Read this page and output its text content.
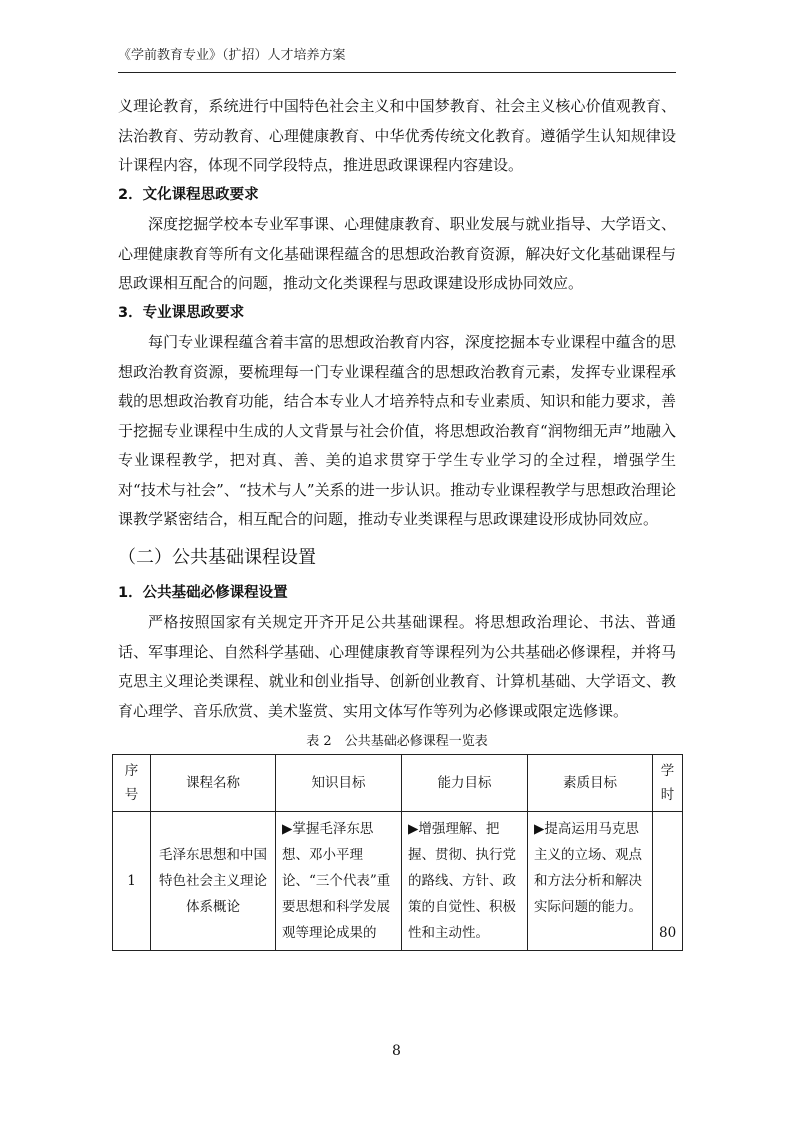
《学前教育专业》（扩招）人才培养方案

义理论教育，系统进行中国特色社会主义和中国梦教育、社会主义核心价值观教育、法治教育、劳动教育、心理健康教育、中华优秀传统文化教育。遵循学生认知规律设计课程内容，体现不同学段特点，推进思政课课程内容建设。

2．文化课程思政要求

深度挖掘学校本专业军事课、心理健康教育、职业发展与就业指导、大学语文、心理健康教育等所有文化基础课程蕴含的思想政治教育资源，解决好文化基础课程与思政课相互配合的问题，推动文化类课程与思政课建设形成协同效应。

3．专业课思政要求

每门专业课程蕴含着丰富的思想政治教育内容，深度挖掘本专业课程中蕴含的思想政治教育资源，要梳理每一门专业课程蕴含的思想政治教育元素，发挥专业课程承载的思想政治教育功能，结合本专业人才培养特点和专业素质、知识和能力要求，善于挖掘专业课程中生成的人文背景与社会价值，将思想政治教育“润物细无声”地融入专业课程教学，把对真、善、美的追求贯穿于学生专业学习的全过程，增强学生对“技术与社会”、“技术与人”关系的进一步认识。推动专业课程教学与思想政治理论课教学紧密结合，相互配合的问题，推动专业类课程与思政课建设形成协同效应。

（二）公共基础课程设置

1．公共基础必修课程设置

严格按照国家有关规定开齐开足公共基础课程。将思想政治理论、书法、普通话、军事理论、自然科学基础、心理健康教育等课程列为公共基础必修课程，并将马克思主义理论类课程、就业和创业指导、创新创业教育、计算机基础、大学语文、教育心理学、音乐欣赏、美术鉴赏、实用文体写作等列为必修课或限定选修课。

表 2　公共基础必修课程一览表
序号	课程名称	知识目标	能力目标	素质目标	学时
1	毛泽东思想和中国特色社会主义理论体系概论	▶掌握毛泽东思想、邓小平理论、“三个代表”重要思想和科学发展观等理论成果的	▶增强理解、把握、贯彻、执行党的路线、方针、政策的自觉性、积极性和主动性。	▶提高运用马克思主义的立场、观点和方法分析和解决实际问题的能力。	80
8
